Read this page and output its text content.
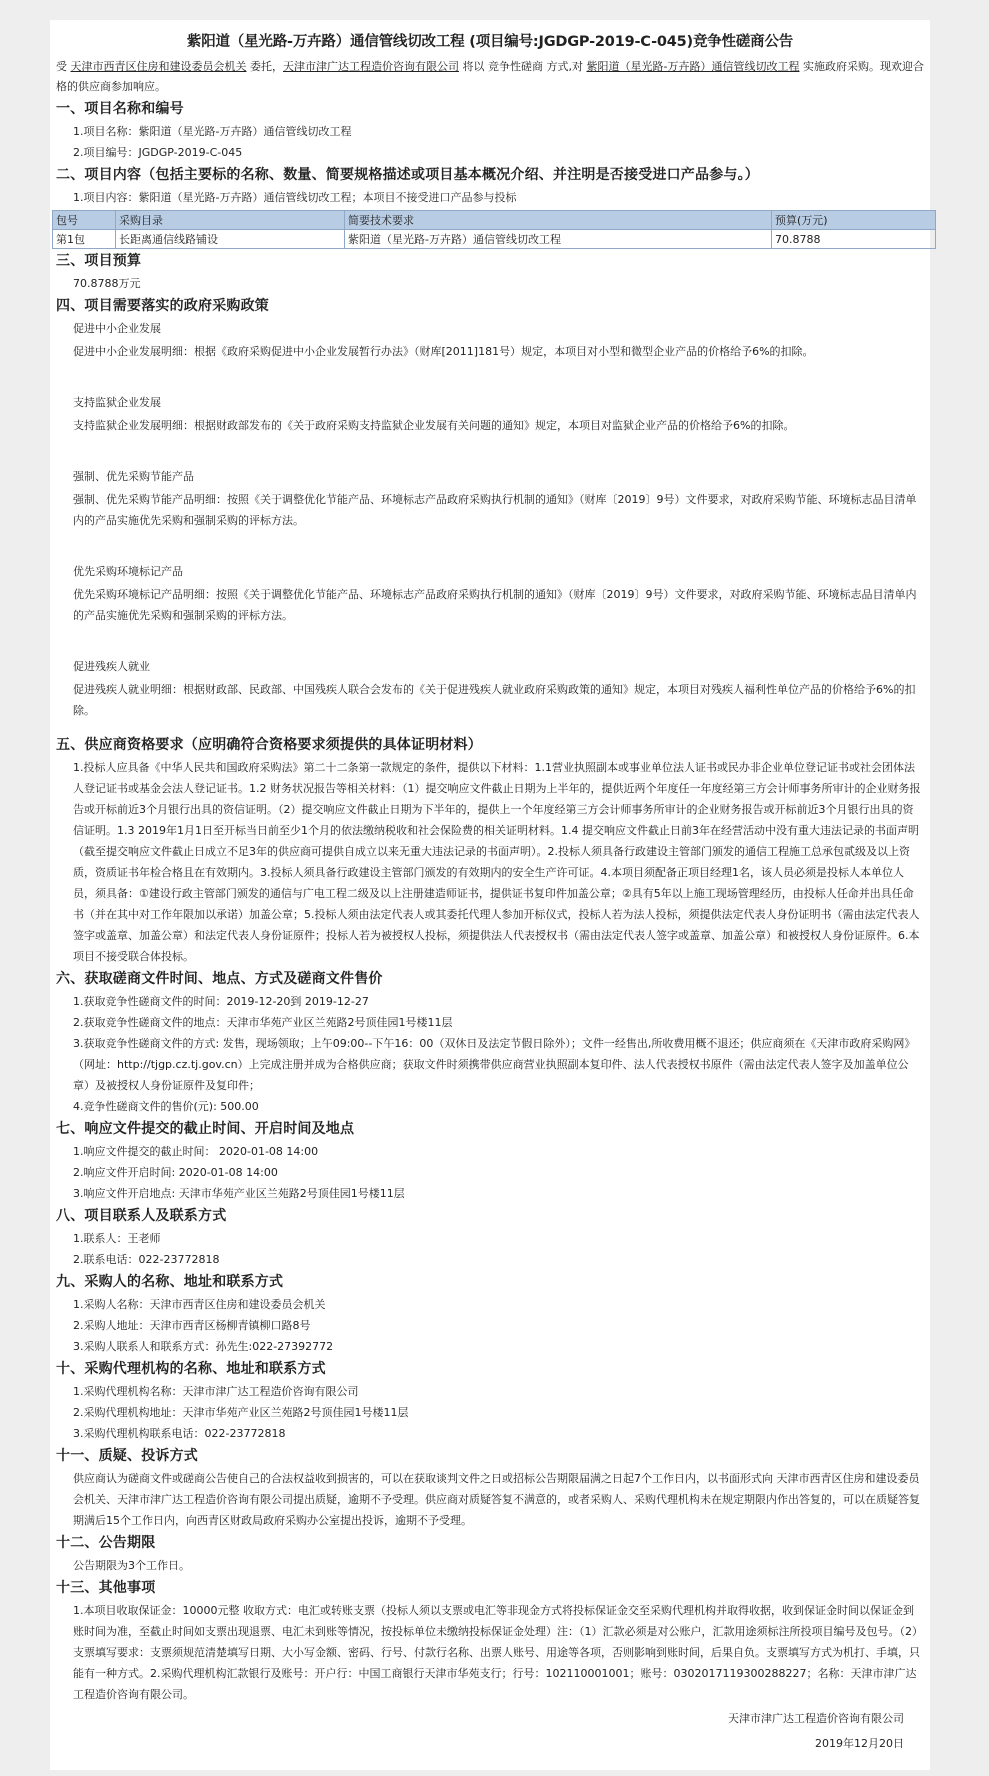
紫阳道（星光路-万卉路）通信管线切改工程 (项目编号:JGDGP-2019-C-045)竞争性磋商公告
受 天津市西青区住房和建设委员会机关 委托，天津市津广达工程造价咨询有限公司 将以 竞争性磋商 方式,对 紫阳道（星光路-万卉路）通信管线切改工程 实施政府采购。现欢迎合格的供应商参加响应。
一、项目名称和编号
1.项目名称：紫阳道（星光路-万卉路）通信管线切改工程
2.项目编号：JGDGP-2019-C-045
二、项目内容（包括主要标的名称、数量、简要规格描述或项目基本概况介绍、并注明是否接受进口产品参与。）
1.项目内容：紫阳道（星光路-万卉路）通信管线切改工程；本项目不接受进口产品参与投标
包号	采购目录	简要技术要求	预算(万元)
第1包	长距离通信线路铺设	紫阳道（星光路-万卉路）通信管线切改工程	70.8788
三、项目预算
70.8788万元
四、项目需要落实的政府采购政策
促进中小企业发展
促进中小企业发展明细：根据《政府采购促进中小企业发展暂行办法》（财库[2011]181号）规定，本项目对小型和微型企业产品的价格给予6%的扣除。
支持监狱企业发展
支持监狱企业发展明细：根据财政部发布的《关于政府采购支持监狱企业发展有关问题的通知》规定，本项目对监狱企业产品的价格给予6%的扣除。
强制、优先采购节能产品
强制、优先采购节能产品明细：按照《关于调整优化节能产品、环境标志产品政府采购执行机制的通知》（财库〔2019〕9号）文件要求，对政府采购节能、环境标志品目清单内的产品实施优先采购和强制采购的评标方法。
优先采购环境标记产品
优先采购环境标记产品明细：按照《关于调整优化节能产品、环境标志产品政府采购执行机制的通知》（财库〔2019〕9号）文件要求，对政府采购节能、环境标志品目清单内的产品实施优先采购和强制采购的评标方法。
促进残疾人就业
促进残疾人就业明细：根据财政部、民政部、中国残疾人联合会发布的《关于促进残疾人就业政府采购政策的通知》规定，本项目对残疾人福利性单位产品的价格给予6%的扣除。
五、供应商资格要求（应明确符合资格要求须提供的具体证明材料）
1.投标人应具备《中华人民共和国政府采购法》第二十二条第一款规定的条件，提供以下材料：1.1营业执照副本或事业单位法人证书或民办非企业单位登记证书或社会团体法人登记证书或基金会法人登记证书。1.2 财务状况报告等相关材料：（1）提交响应文件截止日期为上半年的，提供近两个年度任一年度经第三方会计师事务所审计的企业财务报告或开标前近3个月银行出具的资信证明。（2）提交响应文件截止日期为下半年的，提供上一个年度经第三方会计师事务所审计的企业财务报告或开标前近3个月银行出具的资信证明。1.3 2019年1月1日至开标当日前至少1个月的依法缴纳税收和社会保险费的相关证明材料。1.4 提交响应文件截止日前3年在经营活动中没有重大违法记录的书面声明（截至提交响应文件截止日成立不足3年的供应商可提供自成立以来无重大违法记录的书面声明）。2.投标人须具备行政建设主管部门颁发的通信工程施工总承包贰级及以上资质，资质证书年检合格且在有效期内。3.投标人须具备行政建设主管部门颁发的有效期内的安全生产许可证。4.本项目须配备正项目经理1名，该人员必须是投标人本单位人员，须具备：①建设行政主管部门颁发的通信与广电工程二级及以上注册建造师证书，提供证书复印件加盖公章；②具有5年以上施工现场管理经历，由投标人任命并出具任命书（并在其中对工作年限加以承诺）加盖公章；5.投标人须由法定代表人或其委托代理人参加开标仪式，投标人若为法人投标，须提供法定代表人身份证明书（需由法定代表人签字或盖章、加盖公章）和法定代表人身份证原件；投标人若为被授权人投标，须提供法人代表授权书（需由法定代表人签字或盖章、加盖公章）和被授权人身份证原件。6.本项目不接受联合体投标。
六、获取磋商文件时间、地点、方式及磋商文件售价
1.获取竞争性磋商文件的时间：2019-12-20到 2019-12-27
2.获取竞争性磋商文件的地点：天津市华苑产业区兰苑路2号顶佳园1号楼11层
3.获取竞争性磋商文件的方式: 发售，现场领取；上午09:00--下午16：00（双休日及法定节假日除外）；文件一经售出,所收费用概不退还；供应商须在《天津市政府采购网》（网址：http://tjgp.cz.tj.gov.cn）上完成注册并成为合格供应商；获取文件时须携带供应商营业执照副本复印件、法人代表授权书原件（需由法定代表人签字及加盖单位公章）及被授权人身份证原件及复印件；
4.竞争性磋商文件的售价(元): 500.00
七、响应文件提交的截止时间、开启时间及地点
1.响应文件提交的截止时间： 2020-01-08 14:00
2.响应文件开启时间: 2020-01-08 14:00
3.响应文件开启地点: 天津市华苑产业区兰苑路2号顶佳园1号楼11层
八、项目联系人及联系方式
1.联系人：王老师
2.联系电话：022-23772818
九、采购人的名称、地址和联系方式
1.采购人名称：天津市西青区住房和建设委员会机关
2.采购人地址：天津市西青区杨柳青镇柳口路8号
3.采购人联系人和联系方式：孙先生:022-27392772
十、采购代理机构的名称、地址和联系方式
1.采购代理机构名称：天津市津广达工程造价咨询有限公司
2.采购代理机构地址：天津市华苑产业区兰苑路2号顶佳园1号楼11层
3.采购代理机构联系电话：022-23772818
十一、质疑、投诉方式
供应商认为磋商文件或磋商公告使自己的合法权益收到损害的，可以在获取谈判文件之日或招标公告期限届满之日起7个工作日内，以书面形式向 天津市西青区住房和建设委员会机关、天津市津广达工程造价咨询有限公司提出质疑，逾期不予受理。供应商对质疑答复不满意的，或者采购人、采购代理机构未在规定期限内作出答复的，可以在质疑答复期满后15个工作日内，向西青区财政局政府采购办公室提出投诉，逾期不予受理。
十二、公告期限
公告期限为3个工作日。
十三、其他事项
1.本项目收取保证金：10000元整 收取方式：电汇或转账支票（投标人须以支票或电汇等非现金方式将投标保证金交至采购代理机构并取得收据，收到保证金时间以保证金到账时间为准，至截止时间如支票出现退票、电汇未到账等情况，按投标单位未缴纳投标保证金处理）注：（1）汇款必须是对公账户，汇款用途须标注所投项目编号及包号。（2）支票填写要求：支票须规范清楚填写日期、大小写金额、密码、行号、付款行名称、出票人账号、用途等各项，否则影响到账时间，后果自负。支票填写方式为机打、手填，只能有一种方式。2.采购代理机构汇款银行及账号：开户行：中国工商银行天津市华苑支行；行号：102110001001；账号：0302017119300288227；名称：天津市津广达工程造价咨询有限公司。
天津市津广达工程造价咨询有限公司
2019年12月20日
